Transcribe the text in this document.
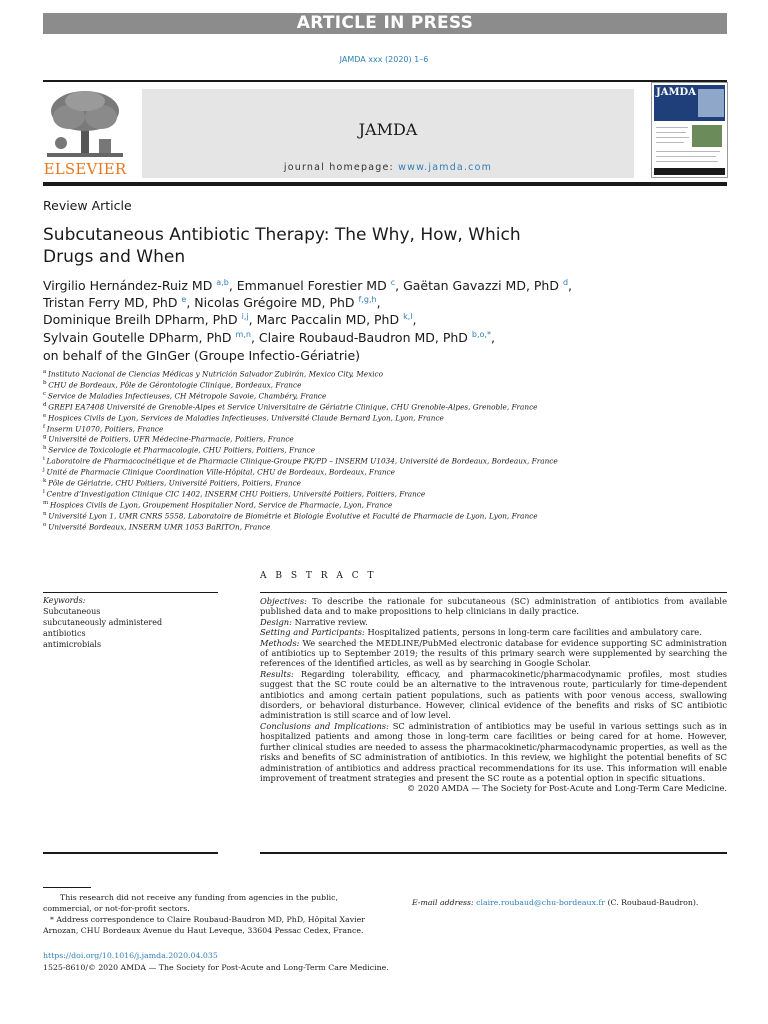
ARTICLE IN PRESS
JAMDA xxx (2020) 1–6
ELSEVIER
JAMDA
journal homepage: www.jamda.com
JAMDA
Review Article
Subcutaneous Antibiotic Therapy: The Why, How, Which Drugs and When
Virgilio Hernández-Ruiz MD $^{a,b}$, Emmanuel Forestier MD $^c$, Gaëtan Gavazzi MD, PhD $^d$,
Tristan Ferry MD, PhD $^e$, Nicolas Grégoire MD, PhD $^{f,g,h}$,
Dominique Breilh DPharm, PhD $^{i,j}$, Marc Paccalin MD, PhD $^{k,l}$,
Sylvain Goutelle DPharm, PhD $^{m,n}$, Claire Roubaud-Baudron MD, PhD $^{b,o,*}$,
on behalf of the GInGer (Groupe Infectio-Gériatrie)
$^a$ Instituto Nacional de Ciencias Médicas y Nutrición Salvador Zubirán, Mexico City, Mexico
$^b$ CHU de Bordeaux, Pôle de Gérontologie Clinique, Bordeaux, France
$^c$ Service de Maladies Infectieuses, CH Métropole Savoie, Chambéry, France
$^d$ GREPI EA7408 Université de Grenoble-Alpes et Service Universitaire de Gériatrie Clinique, CHU Grenoble-Alpes, Grenoble, France
$^e$ Hospices Civils de Lyon, Services de Maladies Infectieuses, Université Claude Bernard Lyon, Lyon, France
$^f$ Inserm U1070, Poitiers, France
$^g$ Université de Poitiers, UFR Médecine-Pharmacie, Poitiers, France
$^h$ Service de Toxicologie et Pharmacologie, CHU Poitiers, Poitiers, France
$^i$ Laboratoire de Pharmacocinétique et de Pharmacie Clinique-Groupe PK/PD – INSERM U1034, Université de Bordeaux, Bordeaux, France
$^j$ Unité de Pharmacie Clinique Coordination Ville-Hôpital, CHU de Bordeaux, Bordeaux, France
$^k$ Pôle de Gériatrie, CHU Poitiers, Université Poitiers, Poitiers, France
$^l$ Centre d’Investigation Clinique CIC 1402, INSERM CHU Poitiers, Université Poitiers, Poitiers, France
$^m$ Hospices Civils de Lyon, Groupement Hospitalier Nord, Service de Pharmacie, Lyon, France
$^n$ Université Lyon 1, UMR CNRS 5558, Laboratoire de Biométrie et Biologie Évolutive et Faculté de Pharmacie de Lyon, Lyon, France
$^o$ Université Bordeaux, INSERM UMR 1053 BaRITOn, France
Keywords:
Subcutaneous
subcutaneously administered
antibiotics
antimicrobials
A B S T R A C T

Objectives: To describe the rationale for subcutaneous (SC) administration of antibiotics from available published data and to make propositions to help clinicians in daily practice.

Design: Narrative review.

Setting and Participants: Hospitalized patients, persons in long-term care facilities and ambulatory care.

Methods: We searched the MEDLINE/PubMed electronic database for evidence supporting SC administration of antibiotics up to September 2019; the results of this primary search were supplemented by searching the references of the identified articles, as well as by searching in Google Scholar.

Results: Regarding tolerability, efficacy, and pharmacokinetic/pharmacodynamic profiles, most studies suggest that the SC route could be an alternative to the intravenous route, particularly for time-dependent antibiotics and among certain patient populations, such as patients with poor venous access, swallowing disorders, or behavioral disturbance. However, clinical evidence of the benefits and risks of SC antibiotic administration is still scarce and of low level.

Conclusions and Implications: SC administration of antibiotics may be useful in various settings such as in hospitalized patients and among those in long-term care facilities or being cared for at home. However, further clinical studies are needed to assess the pharmacokinetic/pharmacodynamic properties, as well as the risks and benefits of SC administration of antibiotics. In this review, we highlight the potential benefits of SC administration of antibiotics and address practical recommendations for its use. This information will enable improvement of treatment strategies and present the SC route as a potential option in specific situations.

© 2020 AMDA — The Society for Post-Acute and Long-Term Care Medicine.

This research did not receive any funding from agencies in the public, commercial, or not-for-profit sectors.
* Address correspondence to Claire Roubaud-Baudron MD, PhD, Hôpital Xavier Arnozan, CHU Bordeaux Avenue du Haut Leveque, 33604 Pessac Cedex, France.
E-mail address: claire.roubaud@chu-bordeaux.fr (C. Roubaud-Baudron).
https://doi.org/10.1016/j.jamda.2020.04.035
1525-8610/© 2020 AMDA — The Society for Post-Acute and Long-Term Care Medicine.
